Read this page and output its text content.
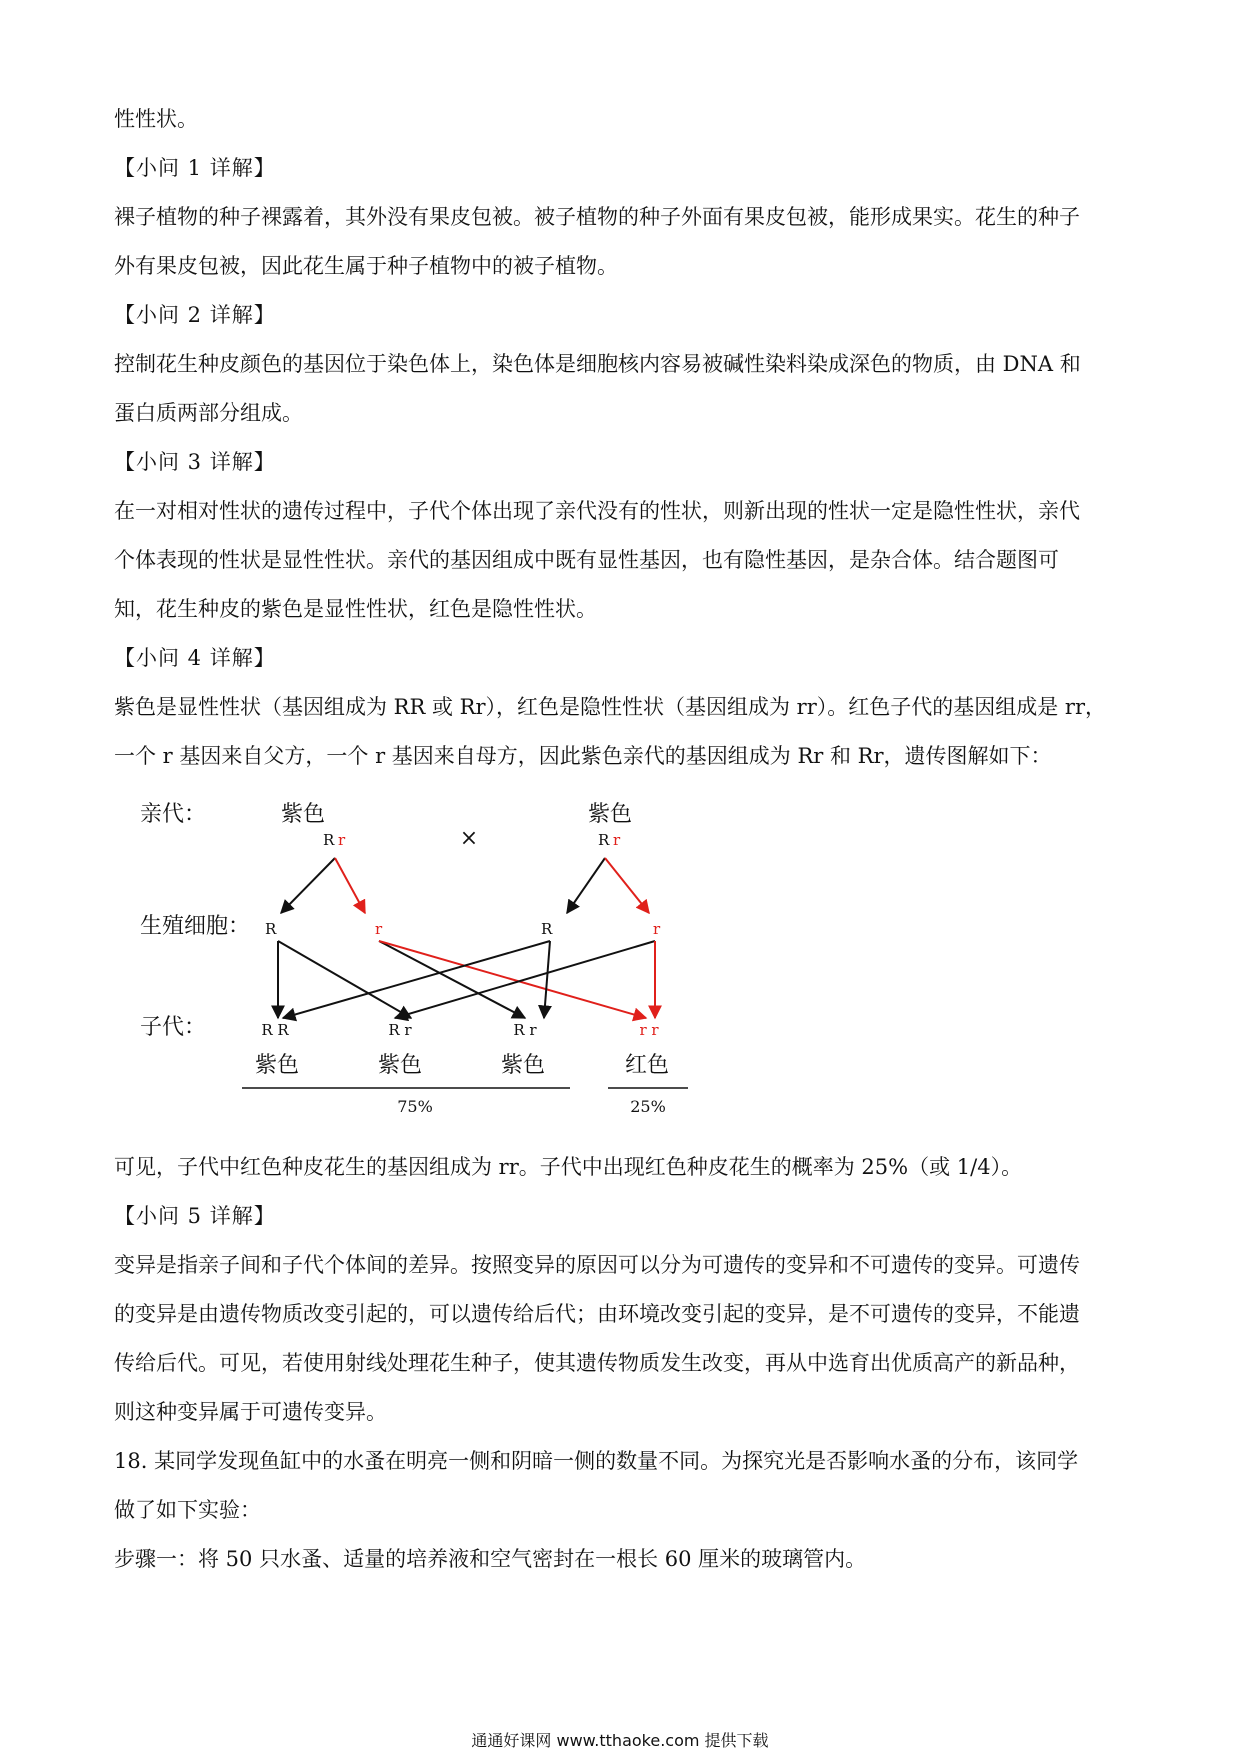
性性状。

【小问 1 详解】

裸子植物的种子裸露着，其外没有果皮包被。被子植物的种子外面有果皮包被，能形成果实。花生的种子

外有果皮包被，因此花生属于种子植物中的被子植物。

【小问 2 详解】

控制花生种皮颜色的基因位于染色体上，染色体是细胞核内容易被碱性染料染成深色的物质，由 DNA 和

蛋白质两部分组成。

【小问 3 详解】

在一对相对性状的遗传过程中，子代个体出现了亲代没有的性状，则新出现的性状一定是隐性性状，亲代

个体表现的性状是显性性状。亲代的基因组成中既有显性基因，也有隐性基因，是杂合体。结合题图可

知，花生种皮的紫色是显性性状，红色是隐性性状。

【小问 4 详解】

紫色是显性性状（基因组成为 RR 或 Rr），红色是隐性性状（基因组成为 rr）。红色子代的基因组成是 rr，

一个 r 基因来自父方，一个 r 基因来自母方，因此紫色亲代的基因组成为 Rr 和 Rr，遗传图解如下：

亲代：
生殖细胞：
子代：
紫色
R r	×
紫色
R r
R	r	R	r
R R	R r	R r	r r
紫色	紫色	紫色	红色
75%	25%

可见，子代中红色种皮花生的基因组成为 rr。子代中出现红色种皮花生的概率为 25%（或 1/4）。

【小问 5 详解】

变异是指亲子间和子代个体间的差异。按照变异的原因可以分为可遗传的变异和不可遗传的变异。可遗传

的变异是由遗传物质改变引起的，可以遗传给后代；由环境改变引起的变异，是不可遗传的变异，不能遗

传给后代。可见，若使用射线处理花生种子，使其遗传物质发生改变，再从中选育出优质高产的新品种，

则这种变异属于可遗传变异。

18. 某同学发现鱼缸中的水蚤在明亮一侧和阴暗一侧的数量不同。为探究光是否影响水蚤的分布，该同学

做了如下实验：

步骤一：将 50 只水蚤、适量的培养液和空气密封在一根长 60 厘米的玻璃管内。

通通好课网 www.tthaoke.com 提供下载
